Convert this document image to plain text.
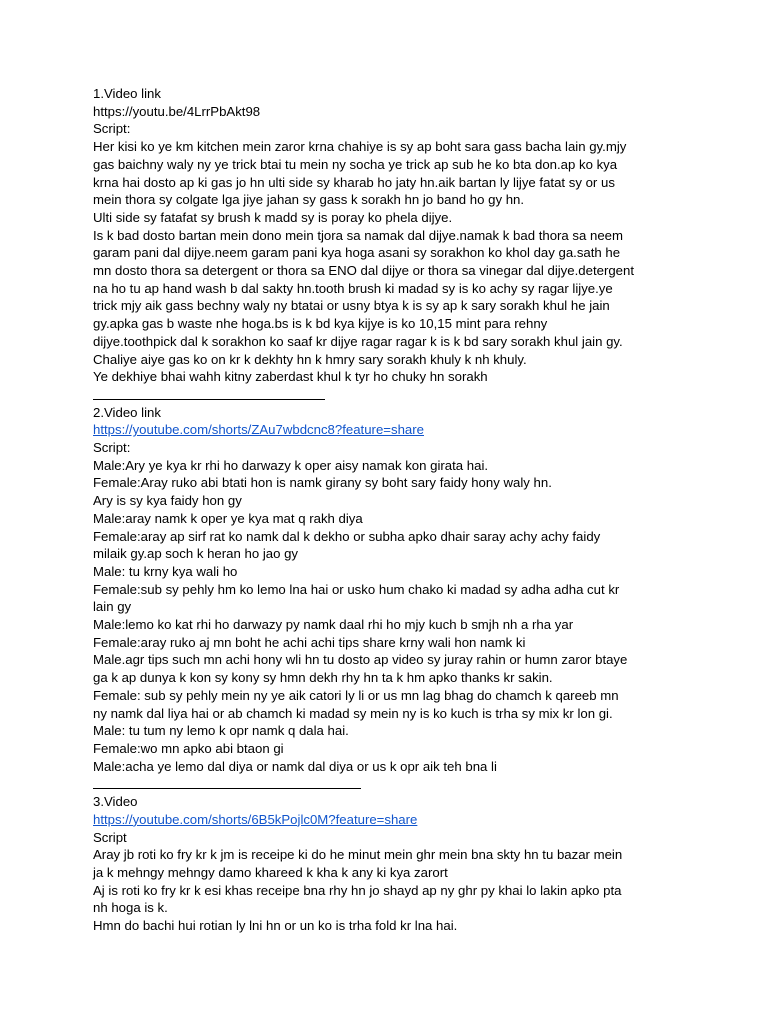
1.Video link
https://youtu.be/4LrrPbAkt98
Script:
Her kisi ko ye km kitchen mein zaror krna chahiye is sy ap boht sara gass bacha lain gy.mjy
gas baichny waly ny ye trick btai tu mein ny socha ye trick ap sub he ko bta don.ap ko kya
krna hai dosto ap ki gas jo hn ulti side sy kharab ho jaty hn.aik bartan ly lijye fatat sy or us
mein thora sy colgate lga jiye jahan sy gass k sorakh hn jo band ho gy hn.
Ulti side sy fatafat sy brush k madd sy is poray ko phela dijye.
Is k bad dosto bartan mein dono mein tjora sa namak dal dijye.namak k bad thora sa neem
garam pani dal dijye.neem garam pani kya hoga asani sy sorakhon ko khol day ga.sath he
mn dosto thora sa detergent or thora sa ENO dal dijye or thora sa vinegar dal dijye.detergent
na ho tu ap hand wash b dal sakty hn.tooth brush ki madad sy is ko achy sy ragar lijye.ye
trick mjy aik gass bechny waly ny btatai or usny btya k is sy ap k sary sorakh khul he jain
gy.apka gas b waste nhe hoga.bs is k bd kya kijye is ko 10,15 mint para rehny
dijye.toothpick dal k sorakhon ko saaf kr dijye ragar ragar k is k bd sary sorakh khul jain gy.
Chaliye aiye gas ko on kr k dekhty hn k hmry sary sorakh khuly k nh khuly.
Ye dekhiye bhai wahh kitny zaberdast khul k tyr ho chuky hn sorakh
2.Video link
https://youtube.com/shorts/ZAu7wbdcnc8?feature=share
Script:
Male:Ary ye kya kr rhi ho darwazy k oper aisy namak kon girata hai.
Female:Aray ruko abi btati hon is namk girany sy boht sary faidy hony waly hn.
Ary is sy kya faidy hon gy
Male:aray namk k oper ye kya mat q rakh diya
Female:aray ap sirf rat ko namk dal k dekho or subha apko dhair saray achy achy faidy
milaik gy.ap soch k heran ho jao gy
Male: tu krny kya wali ho
Female:sub sy pehly hm ko lemo lna hai or usko hum chako ki madad sy adha adha cut kr
lain gy
Male:lemo ko kat rhi ho darwazy py namk daal rhi ho mjy kuch b smjh nh a rha yar
Female:aray ruko aj mn boht he achi achi tips share krny wali hon namk ki
Male.agr tips such mn achi hony wli hn tu dosto ap video sy juray rahin or humn zaror btaye
ga k ap dunya k kon sy kony sy hmn dekh rhy hn ta k hm apko thanks kr sakin.
Female: sub sy pehly mein ny ye aik catori ly li or us mn lag bhag do chamch k qareeb mn
ny namk dal liya hai or ab chamch ki madad sy mein ny is ko kuch is trha sy mix kr lon gi.
Male: tu tum ny lemo k opr namk q dala hai.
Female:wo mn apko abi btaon gi
Male:acha ye lemo dal diya or namk dal diya or us k opr aik teh bna li
3.Video
https://youtube.com/shorts/6B5kPojlc0M?feature=share
Script
Aray jb roti ko fry kr k jm is receipe ki do he minut mein ghr mein bna skty hn tu bazar mein
ja k mehngy mehngy damo khareed k kha k any ki kya zarort
Aj is roti ko fry kr k esi khas receipe bna rhy hn jo shayd ap ny ghr py khai lo lakin apko pta
nh hoga is k.
Hmn do bachi hui rotian ly lni hn or un ko is trha fold kr lna hai.
